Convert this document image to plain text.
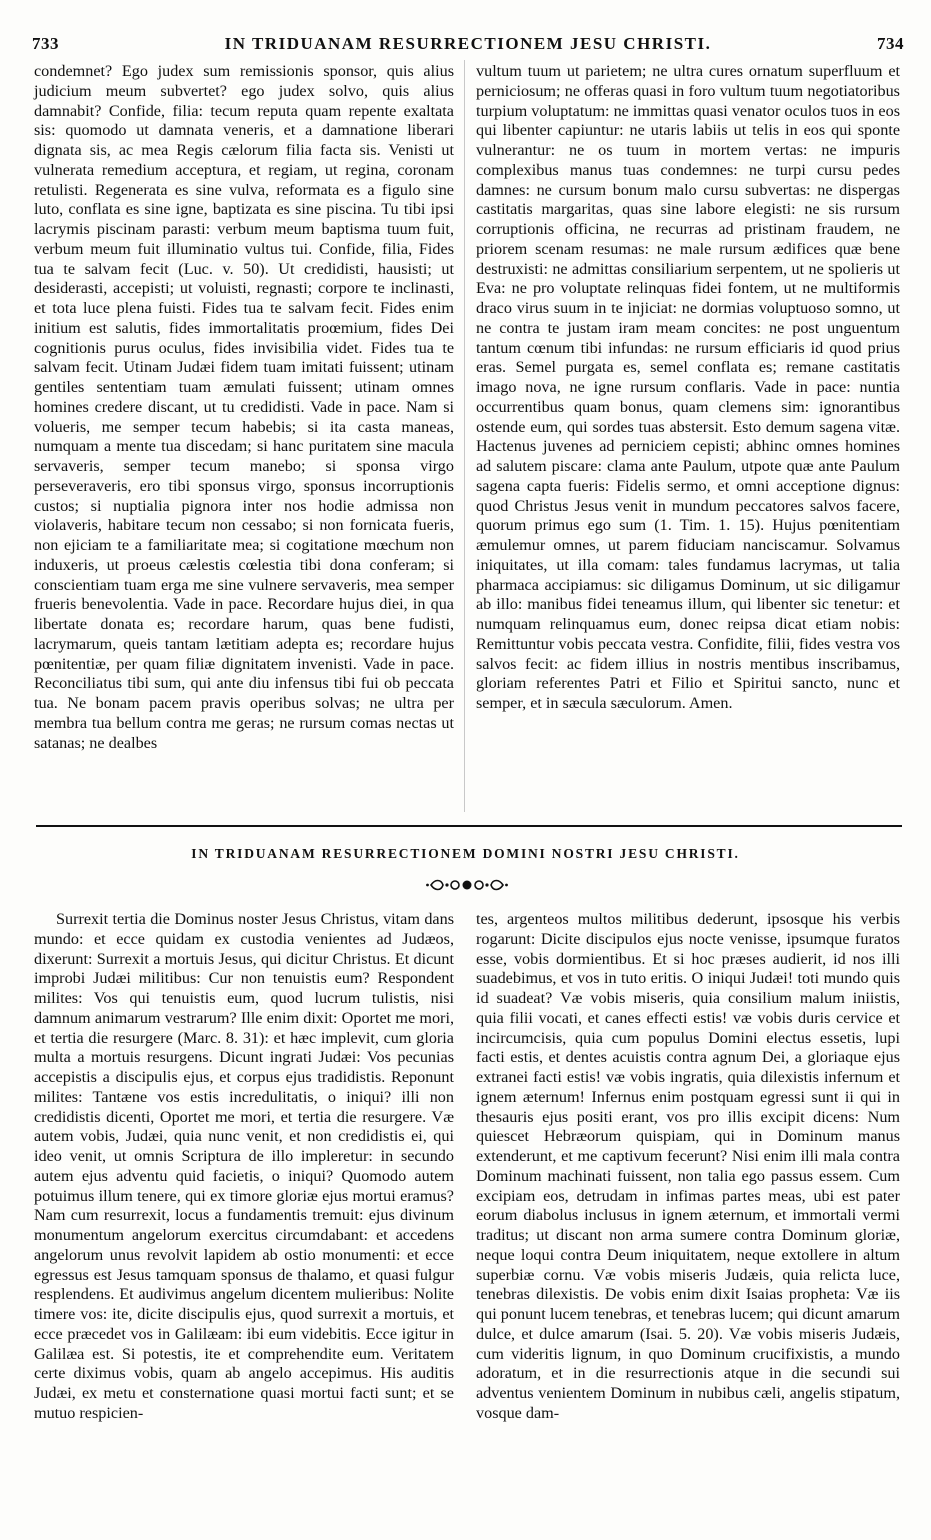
733	IN TRIDUANAM RESURRECTIONEM JESU CHRISTI.	734

condemnet? Ego judex sum remissionis sponsor, quis alius judicium meum subvertet? ego judex solvo, quis alius damnabit? Confide, filia: tecum reputa quam repente exaltata sis: quomodo ut damnata veneris, et a damnatione liberari dignata sis, ac mea Regis cælorum filia facta sis. Venisti ut vulnerata remedium acceptura, et regiam, ut regina, coronam retulisti. Regenerata es sine vulva, reformata es a figulo sine luto, conflata es sine igne, baptizata es sine piscina. Tu tibi ipsi lacrymis piscinam parasti: verbum meum baptisma tuum fuit, verbum meum fuit illuminatio vultus tui. Confide, filia, Fides tua te salvam fecit (Luc. v. 50). Ut credidisti, hausisti; ut desiderasti, accepisti; ut voluisti, regnasti; corpore te inclinasti, et tota luce plena fuisti. Fides tua te salvam fecit. Fides enim initium est salutis, fides immortalitatis proœmium, fides Dei cognitionis purus oculus, fides invisibilia videt. Fides tua te salvam fecit. Utinam Judæi fidem tuam imitati fuissent; utinam gentiles sententiam tuam æmulati fuissent; utinam omnes homines credere discant, ut tu credidisti. Vade in pace. Nam si volueris, me semper tecum habebis; si ita casta maneas, numquam a mente tua discedam; si hanc puritatem sine macula servaveris, semper tecum manebo; si sponsa virgo perseveraveris, ero tibi sponsus virgo, sponsus incorruptionis custos; si nuptialia pignora inter nos hodie admissa non violaveris, habitare tecum non cessabo; si non fornicata fueris, non ejiciam te a familiaritate mea; si cogitatione mœchum non induxeris, ut proeus cælestis cœlestia tibi dona conferam; si conscientiam tuam erga me sine vulnere servaveris, mea semper frueris benevolentia. Vade in pace. Recordare hujus diei, in qua libertate donata es; recordare harum, quas bene fudisti, lacrymarum, queis tantam lætitiam adepta es; recordare hujus pœnitentiæ, per quam filiæ dignitatem invenisti. Vade in pace. Reconciliatus tibi sum, qui ante diu infensus tibi fui ob peccata tua. Ne bonam pacem pravis operibus solvas; ne ultra per membra tua bellum contra me geras; ne rursum comas nectas ut satanas; ne dealbes

vultum tuum ut parietem; ne ultra cures ornatum superfluum et perniciosum; ne offeras quasi in foro vultum tuum negotiatoribus turpium voluptatum: ne immittas quasi venator oculos tuos in eos qui libenter capiuntur: ne utaris labiis ut telis in eos qui sponte vulnerantur: ne os tuum in mortem vertas: ne impuris complexibus manus tuas condemnes: ne turpi cursu pedes damnes: ne cursum bonum malo cursu subvertas: ne dispergas castitatis margaritas, quas sine labore elegisti: ne sis rursum corruptionis officina, ne recurras ad pristinam fraudem, ne priorem scenam resumas: ne male rursum ædifices quæ bene destruxisti: ne admittas consiliarium serpentem, ut ne spolieris ut Eva: ne pro voluptate relinquas fidei fontem, ut ne multiformis draco virus suum in te injiciat: ne dormias voluptuoso somno, ut ne contra te justam iram meam concites: ne post unguentum tantum cœnum tibi infundas: ne rursum efficiaris id quod prius eras. Semel purgata es, semel conflata es; remane castitatis imago nova, ne igne rursum conflaris. Vade in pace: nuntia occurrentibus quam bonus, quam clemens sim: ignorantibus ostende eum, qui sordes tuas abstersit. Esto demum sagena vitæ. Hactenus juvenes ad perniciem cepisti; abhinc omnes homines ad salutem piscare: clama ante Paulum, utpote quæ ante Paulum sagena capta fueris: Fidelis sermo, et omni acceptione dignus: quod Christus Jesus venit in mundum peccatores salvos facere, quorum primus ego sum (1. Tim. 1. 15). Hujus pœnitentiam æmulemur omnes, ut parem fiduciam nanciscamur. Solvamus iniquitates, ut illa comam: tales fundamus lacrymas, ut talia pharmaca accipiamus: sic diligamus Dominum, ut sic diligamur ab illo: manibus fidei teneamus illum, qui libenter sic tenetur: et numquam relinquamus eum, donec reipsa dicat etiam nobis: Remittuntur vobis peccata vestra. Confidite, filii, fides vestra vos salvos fecit: ac fidem illius in nostris mentibus inscribamus, gloriam referentes Patri et Filio et Spiritui sancto, nunc et semper, et in sæcula sæculorum. Amen.

IN TRIDUANAM RESURRECTIONEM DOMINI NOSTRI JESU CHRISTI.

Surrexit tertia die Dominus noster Jesus Christus, vitam dans mundo: et ecce quidam ex custodia venientes ad Judæos, dixerunt: Surrexit a mortuis Jesus, qui dicitur Christus. Et dicunt improbi Judæi militibus: Cur non tenuistis eum? Respondent milites: Vos qui tenuistis eum, quod lucrum tulistis, nisi damnum animarum vestrarum? Ille enim dixit: Oportet me mori, et tertia die resurgere (Marc. 8. 31): et hæc implevit, cum gloria multa a mortuis resurgens. Dicunt ingrati Judæi: Vos pecunias accepistis a discipulis ejus, et corpus ejus tradidistis. Reponunt milites: Tantæne vos estis incredulitatis, o iniqui? illi non credidistis dicenti, Oportet me mori, et tertia die resurgere. Væ autem vobis, Judæi, quia nunc venit, et non credidistis ei, qui ideo venit, ut omnis Scriptura de illo impleretur: in secundo autem ejus adventu quid facietis, o iniqui? Quomodo autem potuimus illum tenere, qui ex timore gloriæ ejus mortui eramus? Nam cum resurrexit, locus a fundamentis tremuit: ejus divinum monumentum angelorum exercitus circumdabant: et accedens angelorum unus revolvit lapidem ab ostio monumenti: et ecce egressus est Jesus tamquam sponsus de thalamo, et quasi fulgur resplendens. Et audivimus angelum dicentem mulieribus: Nolite timere vos: ite, dicite discipulis ejus, quod surrexit a mortuis, et ecce præcedet vos in Galilæam: ibi eum videbitis. Ecce igitur in Galilæa est. Si potestis, ite et comprehendite eum. Veritatem certe diximus vobis, quam ab angelo accepimus. His auditis Judæi, ex metu et consternatione quasi mortui facti sunt; et se mutuo respicien-

tes, argenteos multos militibus dederunt, ipsosque his verbis rogarunt: Dicite discipulos ejus nocte venisse, ipsumque furatos esse, vobis dormientibus. Et si hoc præses audierit, id nos illi suadebimus, et vos in tuto eritis. O iniqui Judæi! toti mundo quis id suadeat? Væ vobis miseris, quia consilium malum iniistis, quia filii vocati, et canes effecti estis! væ vobis duris cervice et incircumcisis, quia cum populus Domini electus essetis, lupi facti estis, et dentes acuistis contra agnum Dei, a gloriaque ejus extranei facti estis! væ vobis ingratis, quia dilexistis infernum et ignem æternum! Infernus enim postquam egressi sunt ii qui in thesauris ejus positi erant, vos pro illis excipit dicens: Num quiescet Hebræorum quispiam, qui in Dominum manus extenderunt, et me captivum fecerunt? Nisi enim illi mala contra Dominum machinati fuissent, non talia ego passus essem. Cum excipiam eos, detrudam in infimas partes meas, ubi est pater eorum diabolus inclusus in ignem æternum, et immortali vermi traditus; ut discant non arma sumere contra Dominum gloriæ, neque loqui contra Deum iniquitatem, neque extollere in altum superbiæ cornu. Væ vobis miseris Judæis, quia relicta luce, tenebras dilexistis. De vobis enim dixit Isaias propheta: Væ iis qui ponunt lucem tenebras, et tenebras lucem; qui dicunt amarum dulce, et dulce amarum (Isai. 5. 20). Væ vobis miseris Judæis, cum videritis lignum, in quo Dominum crucifixistis, a mundo adoratum, et in die resurrectionis atque in die secundi sui adventus venientem Dominum in nubibus cæli, angelis stipatum, vosque dam-
